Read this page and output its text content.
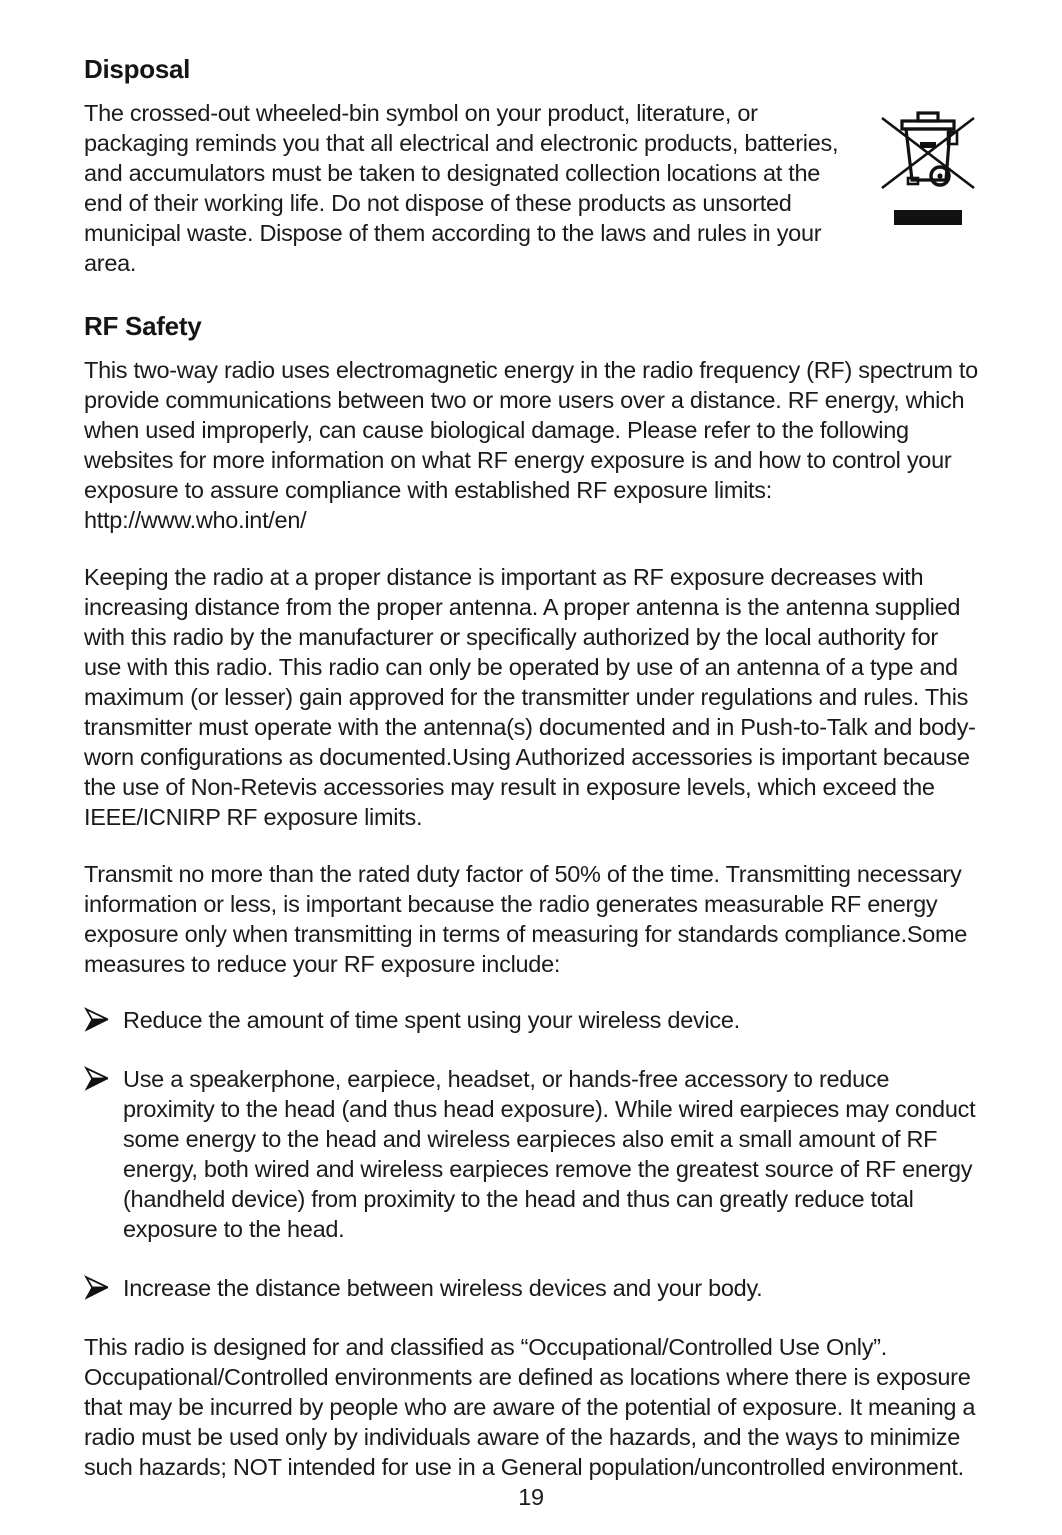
Disposal

The crossed-out wheeled-bin symbol on your product, literature, or packaging reminds you that all electrical and electronic products, batteries, and accumulators must be taken to designated collection locations at the end of their working life. Do not dispose of these products as unsorted municipal waste. Dispose of them according to the laws and rules in your area.

RF Safety

This two-way radio uses electromagnetic energy in the radio frequency (RF) spectrum to provide communications between two or more users over a distance. RF energy, which when used improperly, can cause biological damage. Please refer to the following websites for more information on what RF energy exposure is and how to control your exposure to assure compliance with established RF exposure limits: http://www.who.int/en/

Keeping the radio at a proper distance is important as RF exposure decreases with increasing distance from the proper antenna. A proper antenna is the antenna supplied with this radio by the manufacturer or specifically authorized by the local authority for use with this radio. This radio can only be operated by use of an antenna of a type and maximum (or lesser) gain approved for the transmitter under regulations and rules. This transmitter must operate with the antenna(s) documented and in Push-to-Talk and body-worn configurations as documented.Using Authorized accessories is important because the use of Non-Retevis accessories may result in exposure levels, which exceed the IEEE/ICNIRP RF exposure limits.

Transmit no more than the rated duty factor of 50% of the time. Transmitting necessary information or less, is important because the radio generates measurable RF energy exposure only when transmitting in terms of measuring for standards compliance.Some measures to reduce your RF exposure include:

Reduce the amount of time spent using your wireless device.
Use a speakerphone, earpiece, headset, or hands-free accessory to reduce proximity to the head (and thus head exposure). While wired earpieces may conduct some energy to the head and wireless earpieces also emit a small amount of RF energy, both wired and wireless earpieces remove the greatest source of RF energy (handheld device) from proximity to the head and thus can greatly reduce total exposure to the head.
Increase the distance between wireless devices and your body.

This radio is designed for and classified as “Occupational/Controlled Use Only”. Occupational/Controlled environments are defined as locations where there is exposure that may be incurred by people who are aware of the potential of exposure. It meaning a radio must be used only by individuals aware of the hazards, and the ways to minimize such hazards; NOT intended for use in a General population/uncontrolled environment.

19
